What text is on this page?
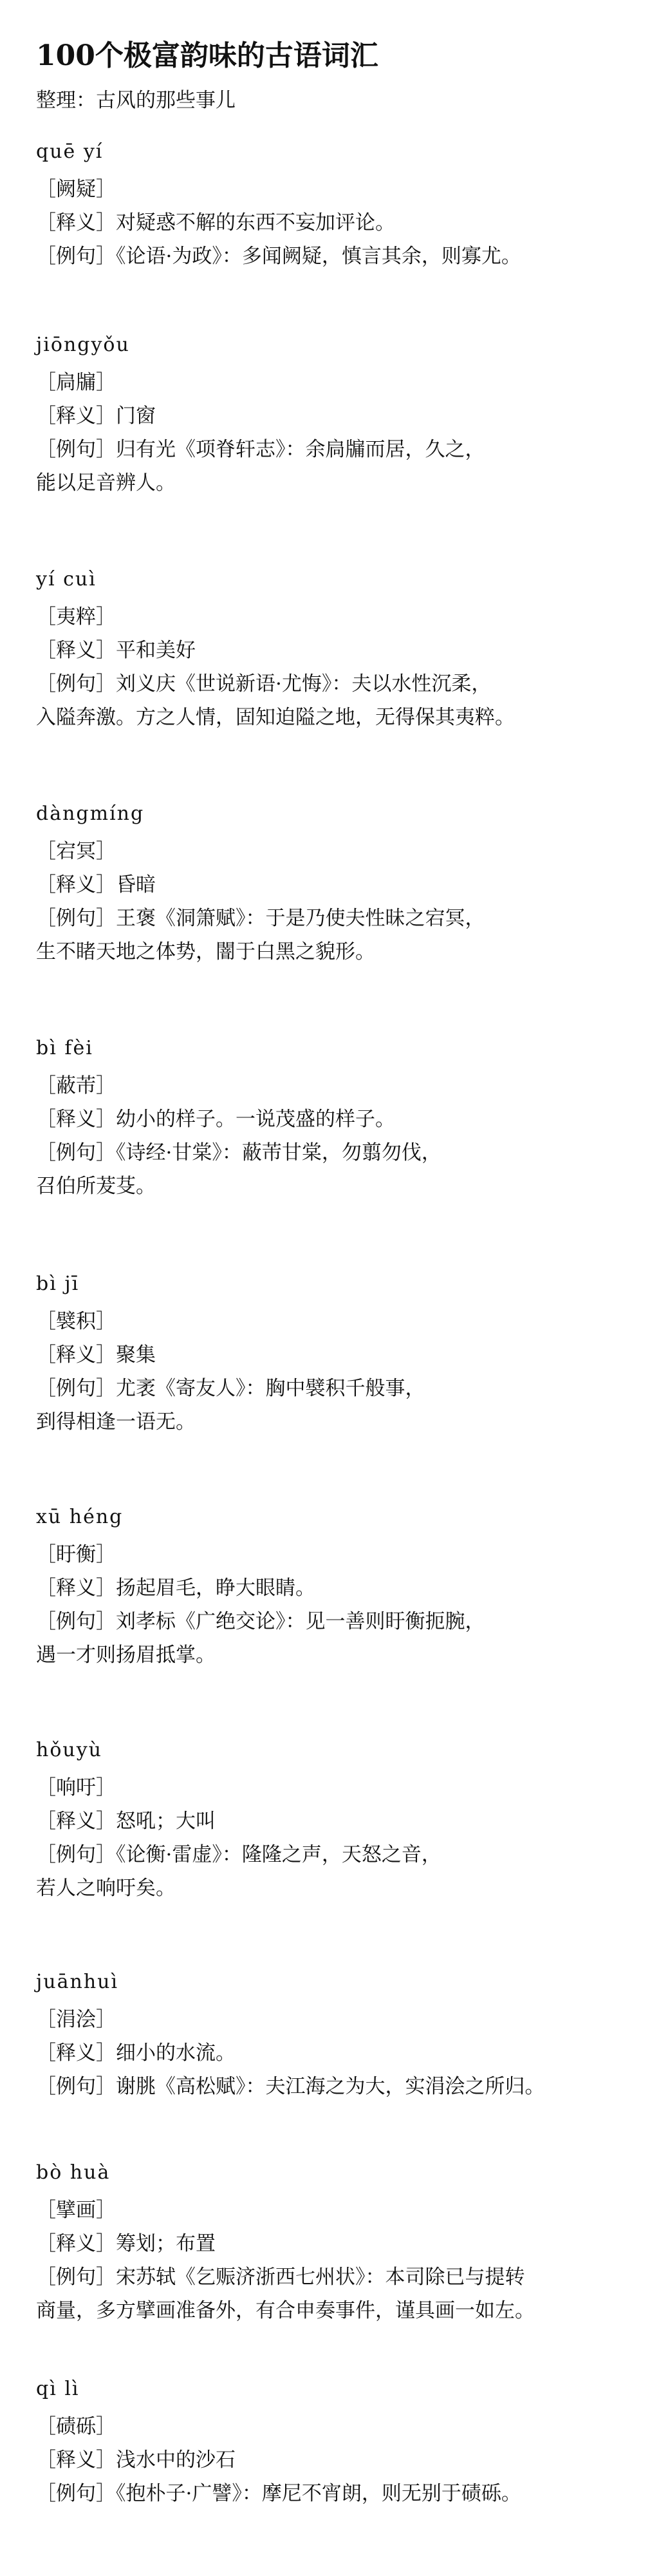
100个极富韵味的古语词汇
整理：古风的那些事儿
quē yí
［阙疑］
［释义］对疑惑不解的东西不妄加评论。
［例句］《论语·为政》：多闻阙疑，慎言其余，则寡尤。
jiōngyǒu
［扃牖］
［释义］门窗
［例句］归有光《项脊轩志》：余扃牖而居，久之，
能以足音辨人。
yí cuì
［夷粹］
［释义］平和美好
［例句］刘义庆《世说新语·尤悔》：夫以水性沉柔，
入隘奔激。方之人情，固知迫隘之地，无得保其夷粹。
dàngmíng
［宕冥］
［释义］昏暗
［例句］王褒《洞箫赋》：于是乃使夫性昧之宕冥，
生不睹天地之体势，闇于白黑之貌形。
bì fèi
［蔽芾］
［释义］幼小的样子。一说茂盛的样子。
［例句］《诗经·甘棠》：蔽芾甘棠，勿翦勿伐，
召伯所茇芟。
bì jī
［襞积］
［释义］聚集
［例句］尤袤《寄友人》：胸中襞积千般事，
到得相逢一语无。
xū héng
［盱衡］
［释义］扬起眉毛，睁大眼睛。
［例句］刘孝标《广绝交论》：见一善则盱衡扼腕，
遇一才则扬眉抵掌。
hǒuyù
［响吁］
［释义］怒吼；大叫
［例句］《论衡·雷虚》：隆隆之声，天怒之音，
若人之响吁矣。
juānhuì
［涓浍］
［释义］细小的水流。
［例句］谢朓《高松赋》：夫江海之为大，实涓浍之所归。
bò huà
［擘画］
［释义］筹划；布置
［例句］宋苏轼《乞赈济浙西七州状》：本司除已与提转
商量，多方擘画准备外，有合申奏事件，谨具画一如左。
qì lì
［碛砾］
［释义］浅水中的沙石
［例句］《抱朴子·广譬》：摩尼不宵朗，则无别于碛砾。
